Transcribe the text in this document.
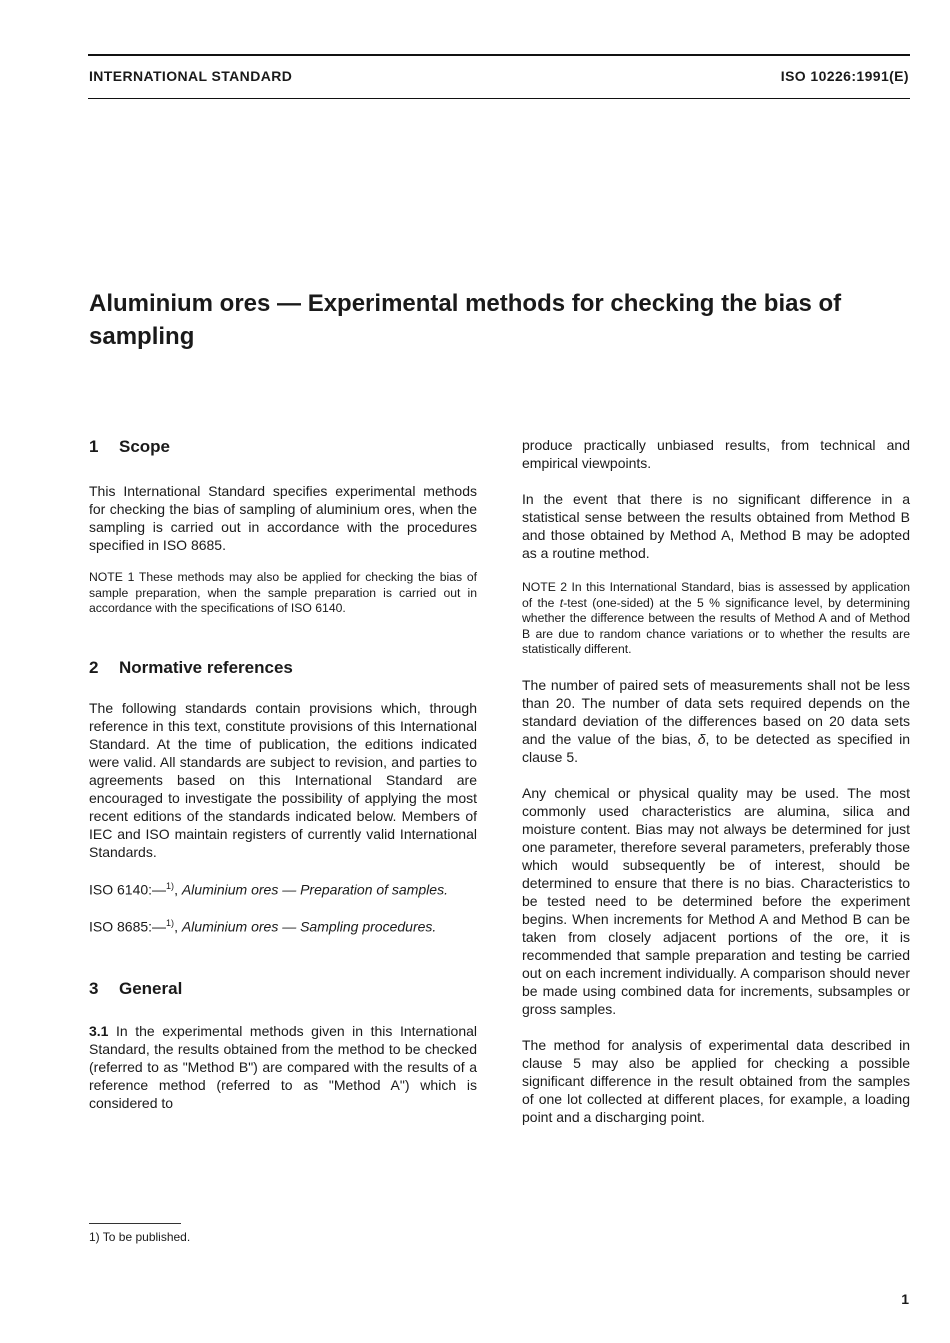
INTERNATIONAL STANDARD	ISO 10226:1991(E)
Aluminium ores — Experimental methods for checking the bias of sampling
1 Scope

This International Standard specifies experimental methods for checking the bias of sampling of aluminium ores, when the sampling is carried out in accordance with the procedures specified in ISO 8685.

NOTE 1 These methods may also be applied for checking the bias of sample preparation, when the sample preparation is carried out in accordance with the specifications of ISO 6140.

2 Normative references

The following standards contain provisions which, through reference in this text, constitute provisions of this International Standard. At the time of publication, the editions indicated were valid. All standards are subject to revision, and parties to agreements based on this International Standard are encouraged to investigate the possibility of applying the most recent editions of the standards indicated below. Members of IEC and ISO maintain registers of currently valid International Standards.

ISO 6140:—$^{1)}$, Aluminium ores — Preparation of samples.

ISO 8685:—$^{1)}$, Aluminium ores — Sampling procedures.

3 General

3.1 In the experimental methods given in this International Standard, the results obtained from the method to be checked (referred to as "Method B") are compared with the results of a reference method (referred to as "Method A") which is considered to

produce practically unbiased results, from technical and empirical viewpoints.

In the event that there is no significant difference in a statistical sense between the results obtained from Method B and those obtained by Method A, Method B may be adopted as a routine method.

NOTE 2 In this International Standard, bias is assessed by application of the t-test (one-sided) at the 5 % significance level, by determining whether the difference between the results of Method A and of Method B are due to random chance variations or to whether the results are statistically different.

The number of paired sets of measurements shall not be less than 20. The number of data sets required depends on the standard deviation of the differences based on 20 data sets and the value of the bias, δ, to be detected as specified in clause 5.

Any chemical or physical quality may be used. The most commonly used characteristics are alumina, silica and moisture content. Bias may not always be determined for just one parameter, therefore several parameters, preferably those which would subsequently be of interest, should be determined to ensure that there is no bias. Characteristics to be tested need to be determined before the experiment begins. When increments for Method A and Method B can be taken from closely adjacent portions of the ore, it is recommended that sample preparation and testing be carried out on each increment individually. A comparison should never be made using combined data for increments, subsamples or gross samples.

The method for analysis of experimental data described in clause 5 may also be applied for checking a possible significant difference in the result obtained from the samples of one lot collected at different places, for example, a loading point and a discharging point.

1) To be published.

1
